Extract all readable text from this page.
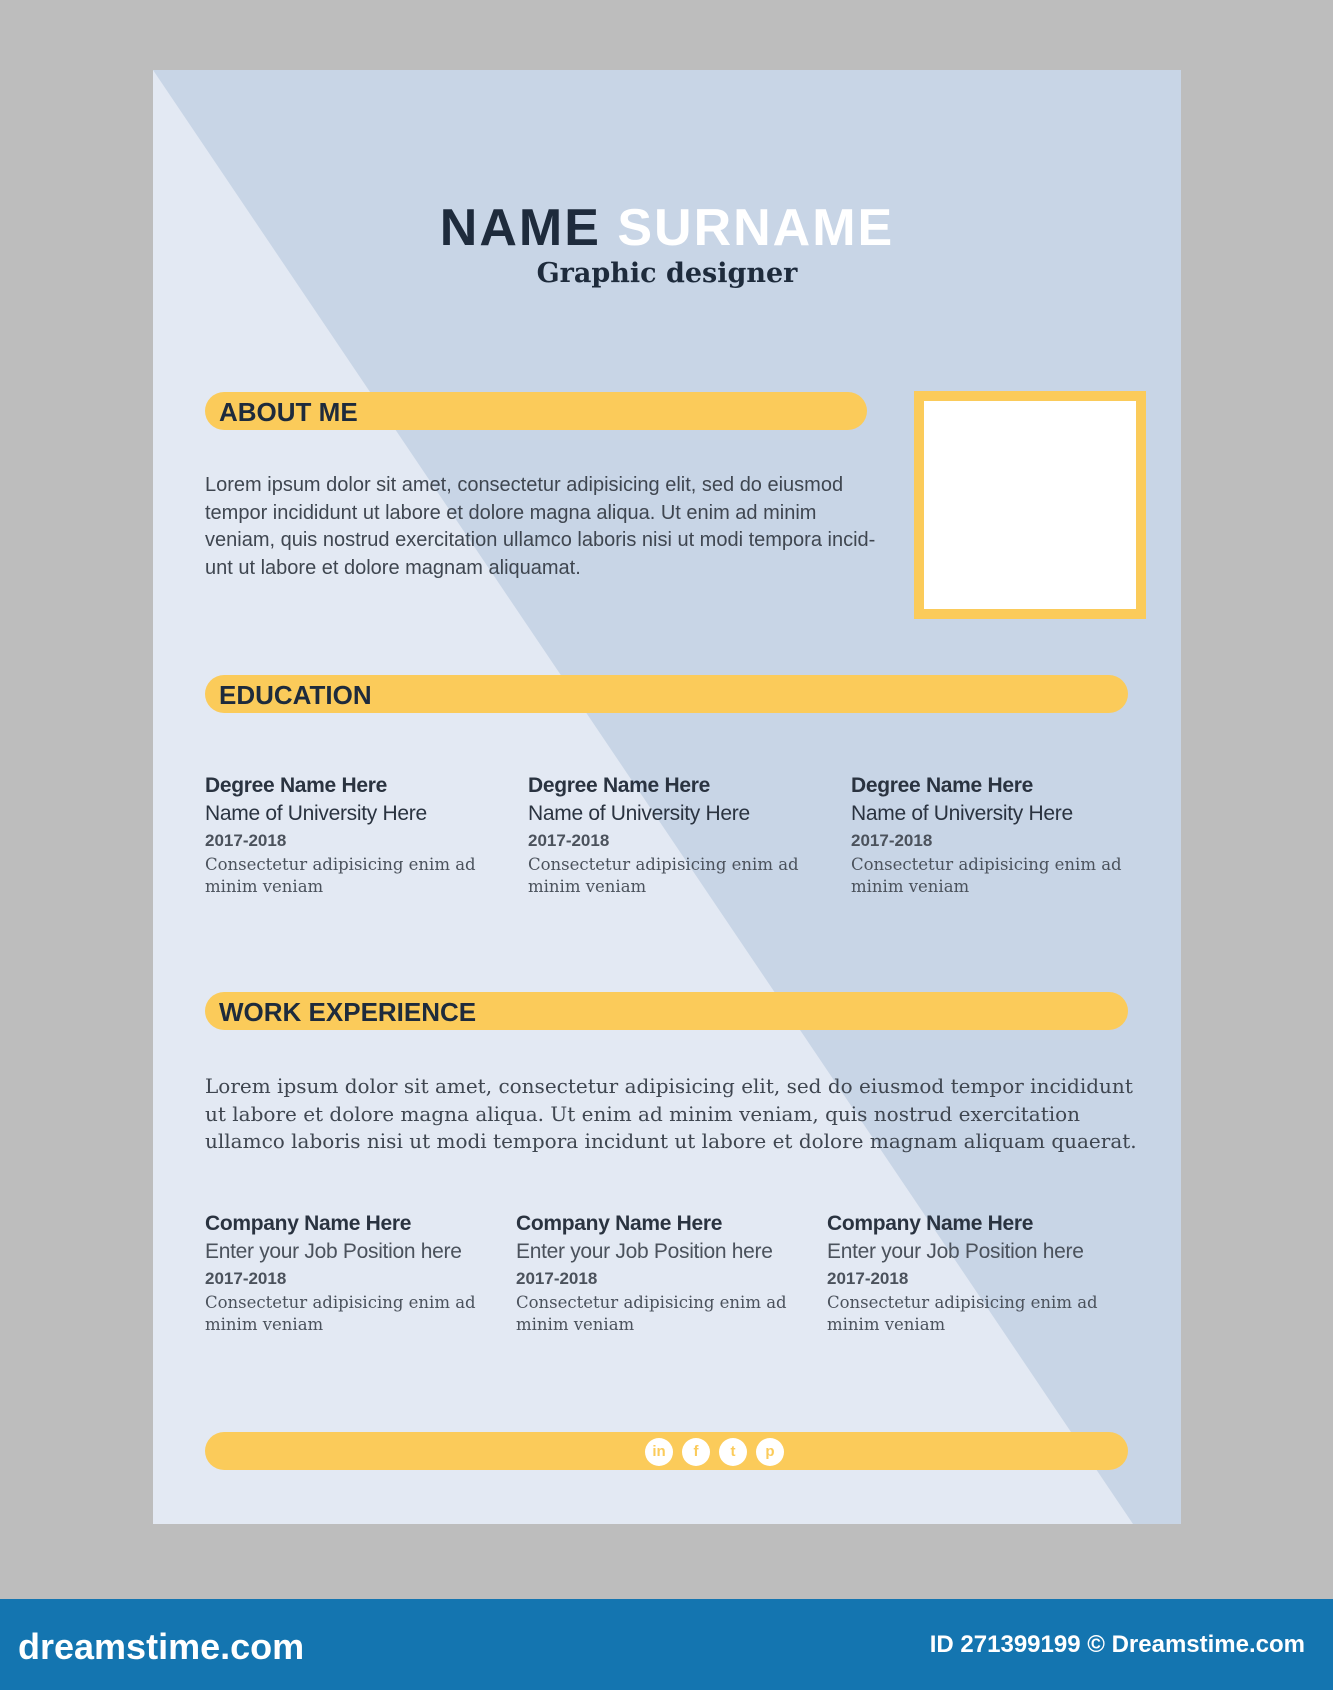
NAME SURNAME
Graphic designer
ABOUT ME
Lorem ipsum dolor sit amet, consectetur adipisicing elit, sed do eiusmod tempor incididunt ut labore et dolore magna aliqua. Ut enim ad minim veniam, quis nostrud exercitation ullamco laboris nisi ut modi tempora incid-unt ut labore et dolore magnam aliquamat.
EDUCATION
Degree Name Here
Name of University Here
2017-2018
Consectetur adipisicing enim ad minim veniam
Degree Name Here
Name of University Here
2017-2018
Consectetur adipisicing enim ad minim veniam
Degree Name Here
Name of University Here
2017-2018
Consectetur adipisicing enim ad minim veniam
WORK EXPERIENCE
Lorem ipsum dolor sit amet, consectetur adipisicing elit, sed do eiusmod tempor incididunt ut labore et dolore magna aliqua. Ut enim ad minim veniam, quis nostrud exercitation ullamco laboris nisi ut modi tempora incidunt ut labore et dolore magnam aliquam quaerat.
Company Name Here
Enter your Job Position here
2017-2018
Consectetur adipisicing enim ad minim veniam
Company Name Here
Enter your Job Position here
2017-2018
Consectetur adipisicing enim ad minim veniam
Company Name Here
Enter your Job Position here
2017-2018
Consectetur adipisicing enim ad minim veniam
in	f	t	p
dreamstime.com	ID 271399199 © Dreamstime.com
